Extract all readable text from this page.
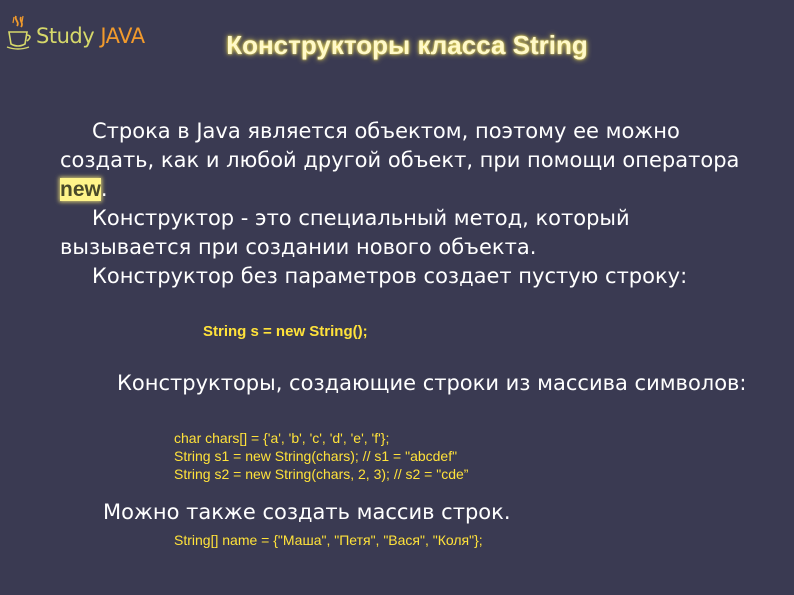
Study JAVA	Конструкторы класса String

Строка в Java является объектом, поэтому ее можно создать, как и любой другой объект, при помощи оператора new.

Конструктор - это специальный метод, который вызывается при создании нового объекта.

Конструктор без параметров создает пустую строку:

String s = new String();
Конструкторы, создающие строки из массива символов:
char chars[] = {'a', 'b', 'c', 'd', 'e', 'f'};
String s1 = new String(chars); // s1 = "abcdef"
String s2 = new String(chars, 2, 3); // s2 = "cde”
Можно также создать массив строк.
String[] name = {"Маша", "Петя", "Вася", "Коля"};
